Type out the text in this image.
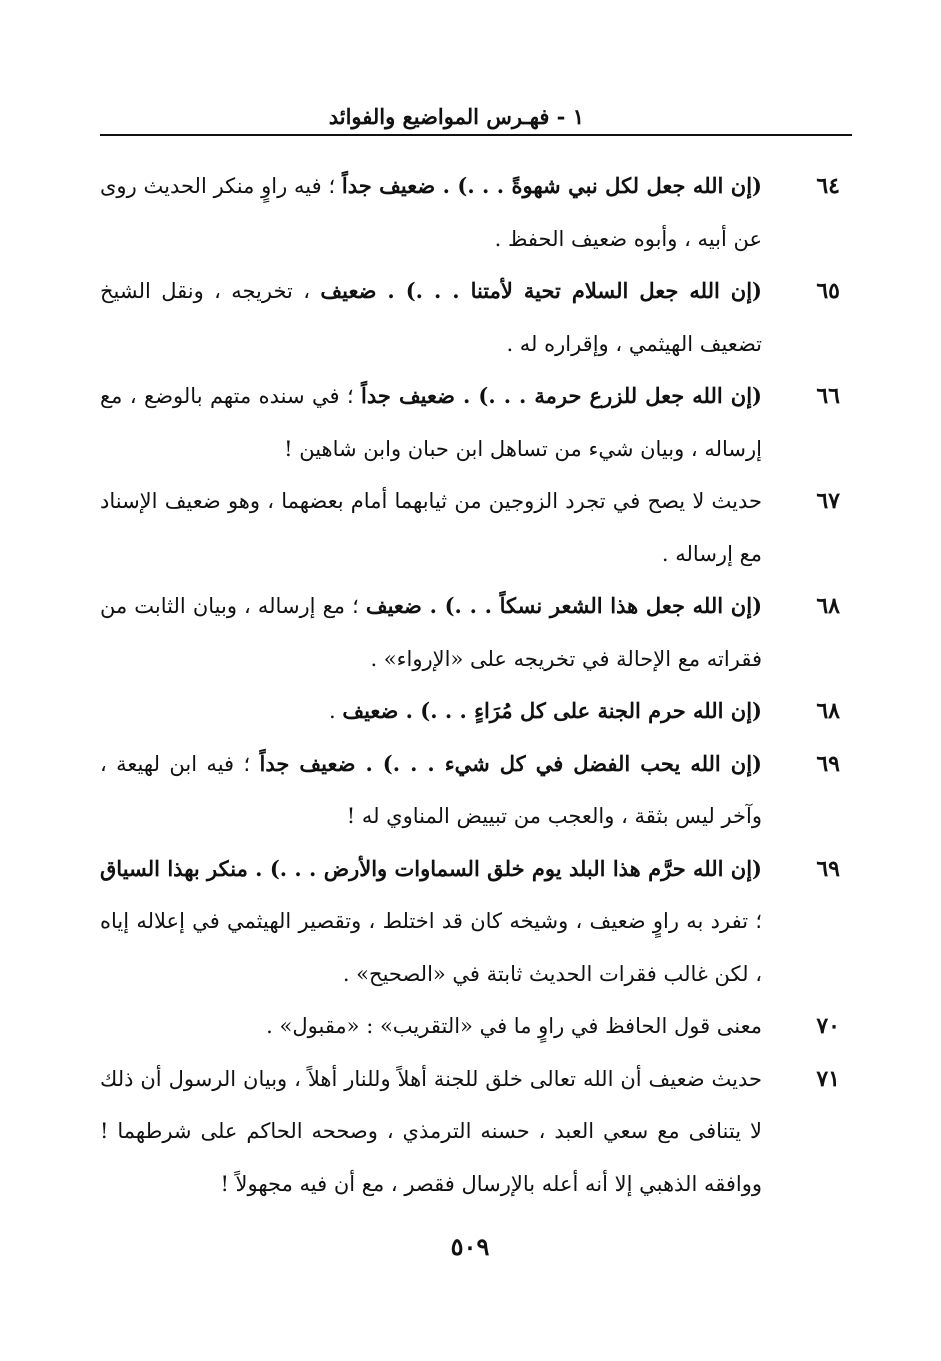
١ - فهـرس المواضيع والفوائد
٦٤
(إن الله جعل لكل نبي شهوةً . . .) . ضعيف جداً ؛ فيه راوٍ منكر الحديث روى عن أبيه ، وأبوه ضعيف الحفظ .
٦٥
(إن الله جعل السلام تحية لأمتنا . . .) . ضعيف ، تخريجه ، ونقل الشيخ تضعيف الهيثمي ، وإقراره له .
٦٦
(إن الله جعل للزرع حرمة . . .) . ضعيف جداً ؛ في سنده متهم بالوضع ، مع إرساله ، وبيان شيء من تساهل ابن حبان وابن شاهين !
٦٧
حديث لا يصح في تجرد الزوجين من ثيابهما أمام بعضهما ، وهو ضعيف الإسناد مع إرساله .
٦٨
(إن الله جعل هذا الشعر نسكاً . . .) . ضعيف ؛ مع إرساله ، وبيان الثابت من فقراته مع الإحالة في تخريجه على «الإرواء» .
٦٨
(إن الله حرم الجنة على كل مُرَاءٍ . . .) . ضعيف .
٦٩
(إن الله يحب الفضل في كل شيء . . .) . ضعيف جداً ؛ فيه ابن لهيعة ، وآخر ليس بثقة ، والعجب من تبييض المناوي له !
٦٩
(إن الله حرَّم هذا البلد يوم خلق السماوات والأرض . . .) . منكر بهذا السياق ؛ تفرد به راوٍ ضعيف ، وشيخه كان قد اختلط ، وتقصير الهيثمي في إعلاله إياه ، لكن غالب فقرات الحديث ثابتة في «الصحيح» .
٧٠
معنى قول الحافظ في راوٍ ما في «التقريب» : «مقبول» .
٧١
حديث ضعيف أن الله تعالى خلق للجنة أهلاً وللنار أهلاً ، وبيان الرسول أن ذلك لا يتنافى مع سعي العبد ، حسنه الترمذي ، وصححه الحاكم على شرطهما ! ووافقه الذهبي إلا أنه أعله بالإرسال فقصر ، مع أن فيه مجهولاً !
٥٠٩
